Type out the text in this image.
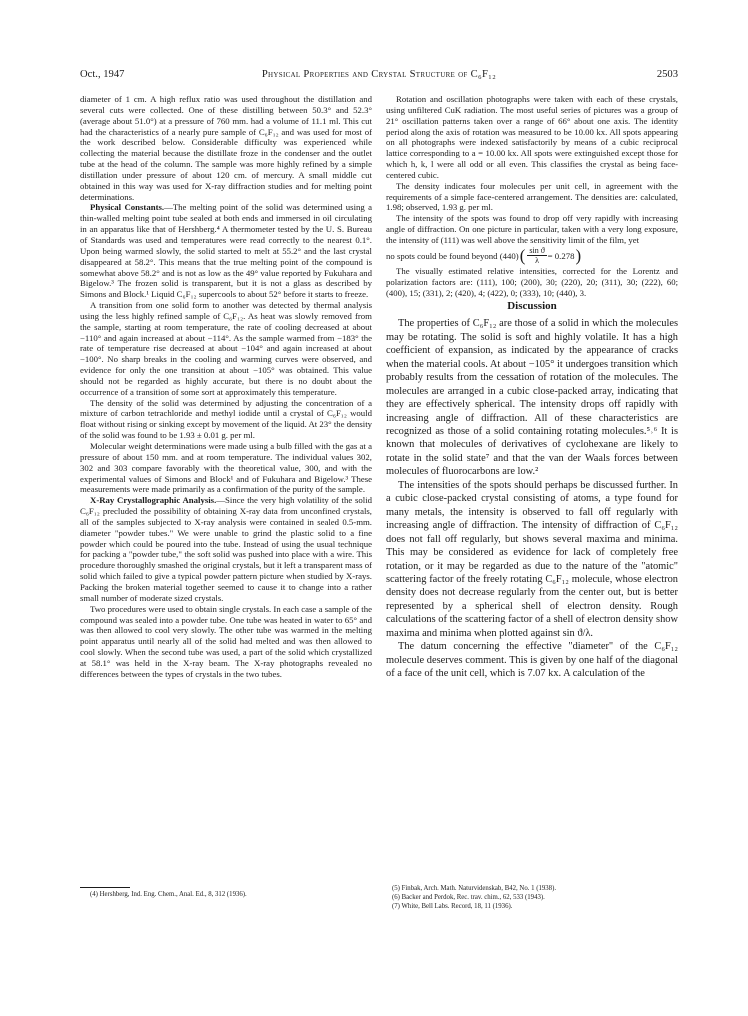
Oct., 1947	Physical Properties and Crystal Structure of C₆F₁₂	2503

diameter of 1 cm. A high reflux ratio was used throughout the distillation and several cuts were collected. One of these distilling between 50.3° and 52.3° (average about 51.0°) at a pressure of 760 mm. had a volume of 11.1 ml. This cut had the characteristics of a nearly pure sample of C₆F₁₂ and was used for most of the work described below. Considerable difficulty was experienced while collecting the material because the distillate froze in the condenser and the outlet tube at the head of the column. The sample was more highly refined by a simple distillation under pressure of about 120 cm. of mercury. A small middle cut obtained in this way was used for X-ray diffraction studies and for melting point determinations.

Physical Constants.—The melting point of the solid was determined using a thin-walled melting point tube sealed at both ends and immersed in oil circulating in an apparatus like that of Hershberg.⁴ A thermometer tested by the U. S. Bureau of Standards was used and temperatures were read correctly to the nearest 0.1°. Upon being warmed slowly, the solid started to melt at 55.2° and the last crystal disappeared at 58.2°. This means that the true melting point of the compound is somewhat above 58.2° and is not as low as the 49° value reported by Fukuhara and Bigelow.³ The frozen solid is transparent, but it is not a glass as described by Simons and Block.¹ Liquid C₆F₁₂ supercools to about 52° before it starts to freeze.

A transition from one solid form to another was detected by thermal analysis using the less highly refined sample of C₆F₁₂. As heat was slowly removed from the sample, starting at room temperature, the rate of cooling decreased at about −110° and again increased at about −114°. As the sample warmed from −183° the rate of temperature rise decreased at about −104° and again increased at about −100°. No sharp breaks in the cooling and warming curves were observed, and evidence for only the one transition at about −105° was obtained. This value should not be regarded as highly accurate, but there is no doubt about the occurrence of a transition of some sort at approximately this temperature.

The density of the solid was determined by adjusting the concentration of a mixture of carbon tetrachloride and methyl iodide until a crystal of C₆F₁₂ would float without rising or sinking except by movement of the liquid. At 23° the density of the solid was found to be 1.93 ± 0.01 g. per ml.

Molecular weight determinations were made using a bulb filled with the gas at a pressure of about 150 mm. and at room temperature. The individual values 302, 302 and 303 compare favorably with the theoretical value, 300, and with the experimental values of Simons and Block¹ and of Fukuhara and Bigelow.³ These measurements were made primarily as a confirmation of the purity of the sample.

X-Ray Crystallographic Analysis.—Since the very high volatility of the solid C₆F₁₂ precluded the possibility of obtaining X-ray data from unconfined crystals, all of the samples subjected to X-ray analysis were contained in sealed 0.5-mm. diameter "powder tubes." We were unable to grind the plastic solid to a fine powder which could be poured into the tube. Instead of using the usual technique for packing a "powder tube," the soft solid was pushed into place with a wire. This procedure thoroughly smashed the original crystals, but it left a transparent mass of solid which failed to give a typical powder pattern picture when studied by X-rays. Packing the broken material together seemed to cause it to change into a rather small number of moderate sized crystals.

Two procedures were used to obtain single crystals. In each case a sample of the compound was sealed into a powder tube. One tube was heated in water to 65° and was then allowed to cool very slowly. The other tube was warmed in the melting point apparatus until nearly all of the solid had melted and was then allowed to cool slowly. When the second tube was used, a part of the solid which crystallized at 58.1° was held in the X-ray beam. The X-ray photographs revealed no differences between the types of crystals in the two tubes.

(4) Hershberg, Ind. Eng. Chem., Anal. Ed., 8, 312 (1936).

Rotation and oscillation photographs were taken with each of these crystals, using unfiltered CuK radiation. The most useful series of pictures was a group of 21° oscillation patterns taken over a range of 66° about one axis. The identity period along the axis of rotation was measured to be 10.00 kx. All spots appearing on all photographs were indexed satisfactorily by means of a cubic reciprocal lattice corresponding to a = 10.00 kx. All spots were extinguished except those for which h, k, l were all odd or all even. This classifies the crystal as being face-centered cubic.

The density indicates four molecules per unit cell, in agreement with the requirements of a simple face-centered arrangement. The densities are: calculated, 1.98; observed, 1.93 g. per ml.

The intensity of the spots was found to drop off very rapidly with increasing angle of diffraction. On one picture in particular, taken with a very long exposure, the intensity of (111) was well above the sensitivity limit of the film, yet

no spots could be found beyond (440) ( $\frac{\text{sin ϑ}}{\lambda} = 0.278$ )

The visually estimated relative intensities, corrected for the Lorentz and polarization factors are: (111), 100; (200), 30; (220), 20; (311), 30; (222), 60; (400), 15; (331), 2; (420), 4; (422), 0; (333), 10; (440), 3.

Discussion

The properties of C₆F₁₂ are those of a solid in which the molecules may be rotating. The solid is soft and highly volatile. It has a high coefficient of expansion, as indicated by the appearance of cracks when the material cools. At about −105° it undergoes transition which probably results from the cessation of rotation of the molecules. The molecules are arranged in a cubic close-packed array, indicating that they are effectively spherical. The intensity drops off rapidly with increasing angle of diffraction. All of these characteristics are recognized as those of a solid containing rotating molecules.⁵˒⁶ It is known that molecules of derivatives of cyclohexane are likely to rotate in the solid state⁷ and that the van der Waals forces between molecules of fluorocarbons are low.²

The intensities of the spots should perhaps be discussed further. In a cubic close-packed crystal consisting of atoms, a type found for many metals, the intensity is observed to fall off regularly with increasing angle of diffraction. The intensity of diffraction of C₆F₁₂ does not fall off regularly, but shows several maxima and minima. This may be considered as evidence for lack of completely free rotation, or it may be regarded as due to the nature of the "atomic" scattering factor of the freely rotating C₆F₁₂ molecule, whose electron density does not decrease regularly from the center out, but is better represented by a spherical shell of electron density. Rough calculations of the scattering factor of a shell of electron density show maxima and minima when plotted against sin ϑ/λ.

The datum concerning the effective "diameter" of the C₆F₁₂ molecule deserves comment. This is given by one half of the diagonal of a face of the unit cell, which is 7.07 kx. A calculation of the

(5) Finbak, Arch. Math. Naturvidenskab, B42, No. 1 (1938).

(6) Backer and Perdok, Rec. trav. chim., 62, 533 (1943).

(7) White, Bell Labs. Record, 18, 11 (1936).
